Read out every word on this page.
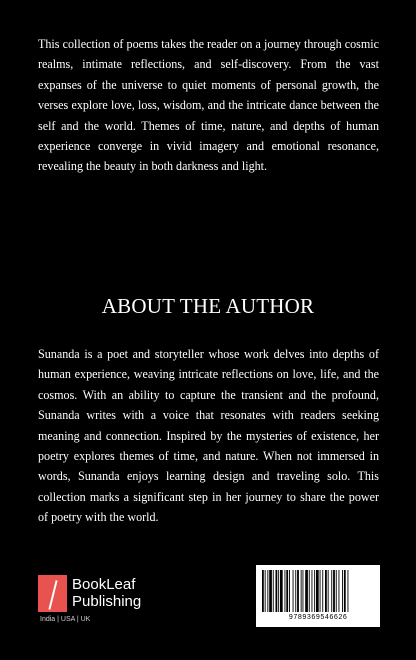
This collection of poems takes the reader on a journey through cosmic realms, intimate reflections, and self-discovery. From the vast expanses of the universe to quiet moments of personal growth, the verses explore love, loss, wisdom, and the intricate dance between the self and the world. Themes of time, nature, and depths of human experience converge in vivid imagery and emotional resonance, revealing the beauty in both darkness and light.

ABOUT THE AUTHOR

Sunanda is a poet and storyteller whose work delves into depths of human experience, weaving intricate reflections on love, life, and the cosmos. With an ability to capture the transient and the profound, Sunanda writes with a voice that resonates with readers seeking meaning and connection. Inspired by the mysteries of existence, her poetry explores themes of time, and nature. When not immersed in words, Sunanda enjoys learning design and traveling solo. This collection marks a significant step in her journey to share the power of poetry with the world.

BookLeaf
Publishing
India | USA | UK	9789369546626
